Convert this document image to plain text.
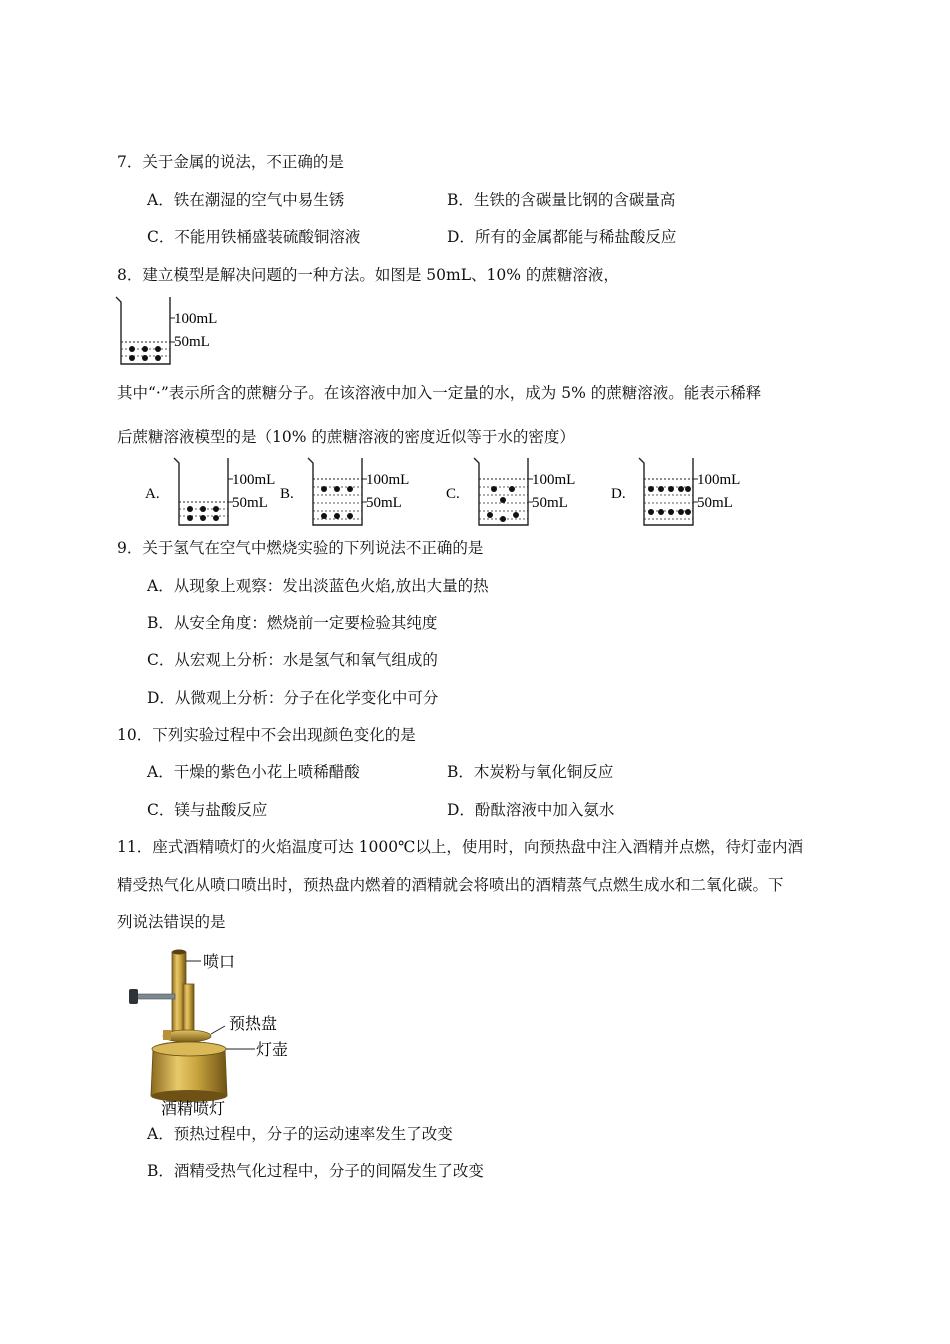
7．关于金属的说法，不正确的是
A．铁在潮湿的空气中易生锈	B．生铁的含碳量比钢的含碳量高
C．不能用铁桶盛装硫酸铜溶液	D．所有的金属都能与稀盐酸反应
8．建立模型是解决问题的一种方法。如图是 50mL、10% 的蔗糖溶液，
100mL
50mL
其中“·”表示所含的蔗糖分子。在该溶液中加入一定量的水，成为 5% 的蔗糖溶液。能表示稀释
后蔗糖溶液模型的是（10% 的蔗糖溶液的密度近似等于水的密度）
A.
100mL
50mL
B.
100mL
50mL
C.
100mL
50mL
D.
100mL
50mL
9．关于氢气在空气中燃烧实验的下列说法不正确的是
A．从现象上观察：发出淡蓝色火焰,放出大量的热
B．从安全角度：燃烧前一定要检验其纯度
C．从宏观上分析：水是氢气和氧气组成的
D．从微观上分析：分子在化学变化中可分
10．下列实验过程中不会出现颜色变化的是
A．干燥的紫色小花上喷稀醋酸	B．木炭粉与氧化铜反应
C．镁与盐酸反应	D．酚酞溶液中加入氨水
11．座式酒精喷灯的火焰温度可达 1000℃以上，使用时，向预热盘中注入酒精并点燃，待灯壶内酒
精受热气化从喷口喷出时，预热盘内燃着的酒精就会将喷出的酒精蒸气点燃生成水和二氧化碳。下
列说法错误的是
喷口
预热盘
灯壶
酒精喷灯
A．预热过程中，分子的运动速率发生了改变
B．酒精受热气化过程中，分子的间隔发生了改变
